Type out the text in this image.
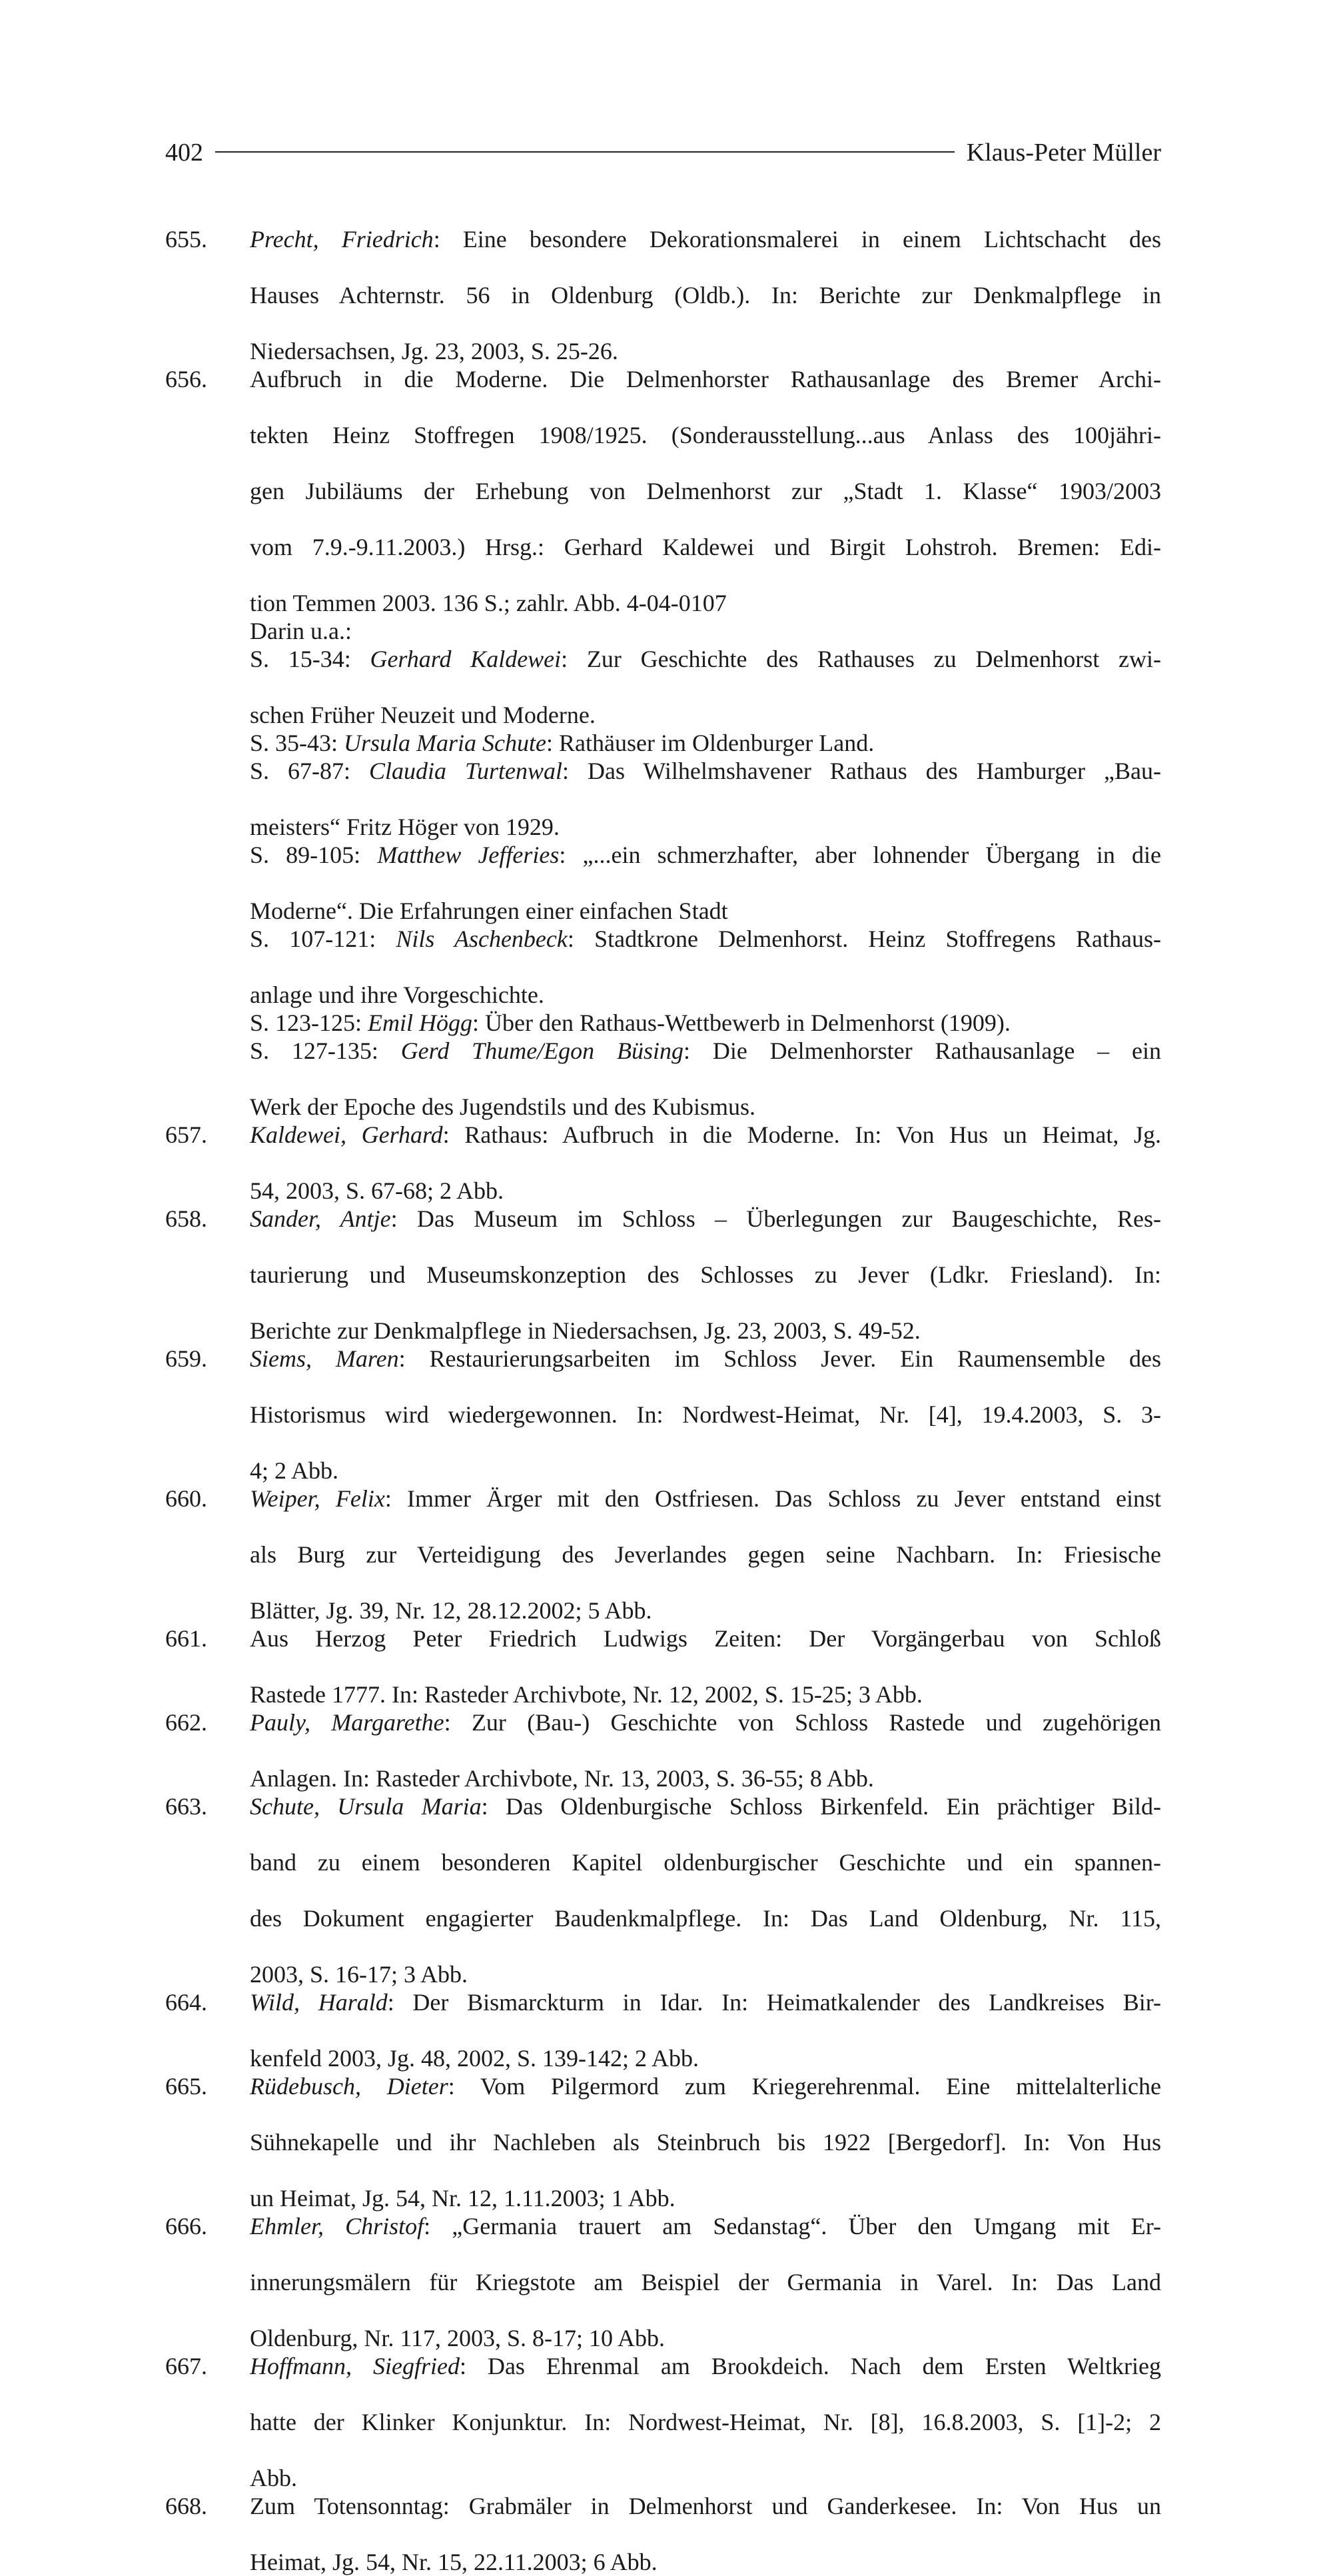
402	Klaus-Peter Müller
655. Precht, Friedrich: Eine besondere Dekorationsmalerei in einem Lichtschacht des

Hauses Achternstr. 56 in Oldenburg (Oldb.). In: Berichte zur Denkmalpflege in

Niedersachsen, Jg. 23, 2003, S. 25-26.

656. Aufbruch in die Moderne. Die Delmenhorster Rathausanlage des Bremer Archi-

tekten Heinz Stoffregen 1908/1925. (Sonderausstellung...aus Anlass des 100jähri-

gen Jubiläums der Erhebung von Delmenhorst zur „Stadt 1. Klasse“ 1903/2003

vom 7.9.-9.11.2003.) Hrsg.: Gerhard Kaldewei und Birgit Lohstroh. Bremen: Edi-

tion Temmen 2003. 136 S.; zahlr. Abb. 4-04-0107

Darin u.a.:

S. 15-34: Gerhard Kaldewei: Zur Geschichte des Rathauses zu Delmenhorst zwi-

schen Früher Neuzeit und Moderne.

S. 35-43: Ursula Maria Schute: Rathäuser im Oldenburger Land.

S. 67-87: Claudia Turtenwal: Das Wilhelmshavener Rathaus des Hamburger „Bau-

meisters“ Fritz Höger von 1929.

S. 89-105: Matthew Jefferies: „...ein schmerzhafter, aber lohnender Übergang in die

Moderne“. Die Erfahrungen einer einfachen Stadt

S. 107-121: Nils Aschenbeck: Stadtkrone Delmenhorst. Heinz Stoffregens Rathaus-

anlage und ihre Vorgeschichte.

S. 123-125: Emil Högg: Über den Rathaus-Wettbewerb in Delmenhorst (1909).

S. 127-135: Gerd Thume/Egon Büsing: Die Delmenhorster Rathausanlage – ein

Werk der Epoche des Jugendstils und des Kubismus.

657. Kaldewei, Gerhard: Rathaus: Aufbruch in die Moderne. In: Von Hus un Heimat, Jg.

54, 2003, S. 67-68; 2 Abb.

658. Sander, Antje: Das Museum im Schloss – Überlegungen zur Baugeschichte, Res-

taurierung und Museumskonzeption des Schlosses zu Jever (Ldkr. Friesland). In:

Berichte zur Denkmalpflege in Niedersachsen, Jg. 23, 2003, S. 49-52.

659. Siems, Maren: Restaurierungsarbeiten im Schloss Jever. Ein Raumensemble des

Historismus wird wiedergewonnen. In: Nordwest-Heimat, Nr. [4], 19.4.2003, S. 3-

4; 2 Abb.

660. Weiper, Felix: Immer Ärger mit den Ostfriesen. Das Schloss zu Jever entstand einst

als Burg zur Verteidigung des Jeverlandes gegen seine Nachbarn. In: Friesische

Blätter, Jg. 39, Nr. 12, 28.12.2002; 5 Abb.

661. Aus Herzog Peter Friedrich Ludwigs Zeiten: Der Vorgängerbau von Schloß

Rastede 1777. In: Rasteder Archivbote, Nr. 12, 2002, S. 15-25; 3 Abb.

662. Pauly, Margarethe: Zur (Bau-) Geschichte von Schloss Rastede und zugehörigen

Anlagen. In: Rasteder Archivbote, Nr. 13, 2003, S. 36-55; 8 Abb.

663. Schute, Ursula Maria: Das Oldenburgische Schloss Birkenfeld. Ein prächtiger Bild-

band zu einem besonderen Kapitel oldenburgischer Geschichte und ein spannen-

des Dokument engagierter Baudenkmalpflege. In: Das Land Oldenburg, Nr. 115,

2003, S. 16-17; 3 Abb.

664. Wild, Harald: Der Bismarckturm in Idar. In: Heimatkalender des Landkreises Bir-

kenfeld 2003, Jg. 48, 2002, S. 139-142; 2 Abb.

665. Rüdebusch, Dieter: Vom Pilgermord zum Kriegerehrenmal. Eine mittelalterliche

Sühnekapelle und ihr Nachleben als Steinbruch bis 1922 [Bergedorf]. In: Von Hus

un Heimat, Jg. 54, Nr. 12, 1.11.2003; 1 Abb.

666. Ehmler, Christof: „Germania trauert am Sedanstag“. Über den Umgang mit Er-

innerungsmälern für Kriegstote am Beispiel der Germania in Varel. In: Das Land

Oldenburg, Nr. 117, 2003, S. 8-17; 10 Abb.

667. Hoffmann, Siegfried: Das Ehrenmal am Brookdeich. Nach dem Ersten Weltkrieg

hatte der Klinker Konjunktur. In: Nordwest-Heimat, Nr. [8], 16.8.2003, S. [1]-2; 2

Abb.

668. Zum Totensonntag: Grabmäler in Delmenhorst und Ganderkesee. In: Von Hus un

Heimat, Jg. 54, Nr. 15, 22.11.2003; 6 Abb.
